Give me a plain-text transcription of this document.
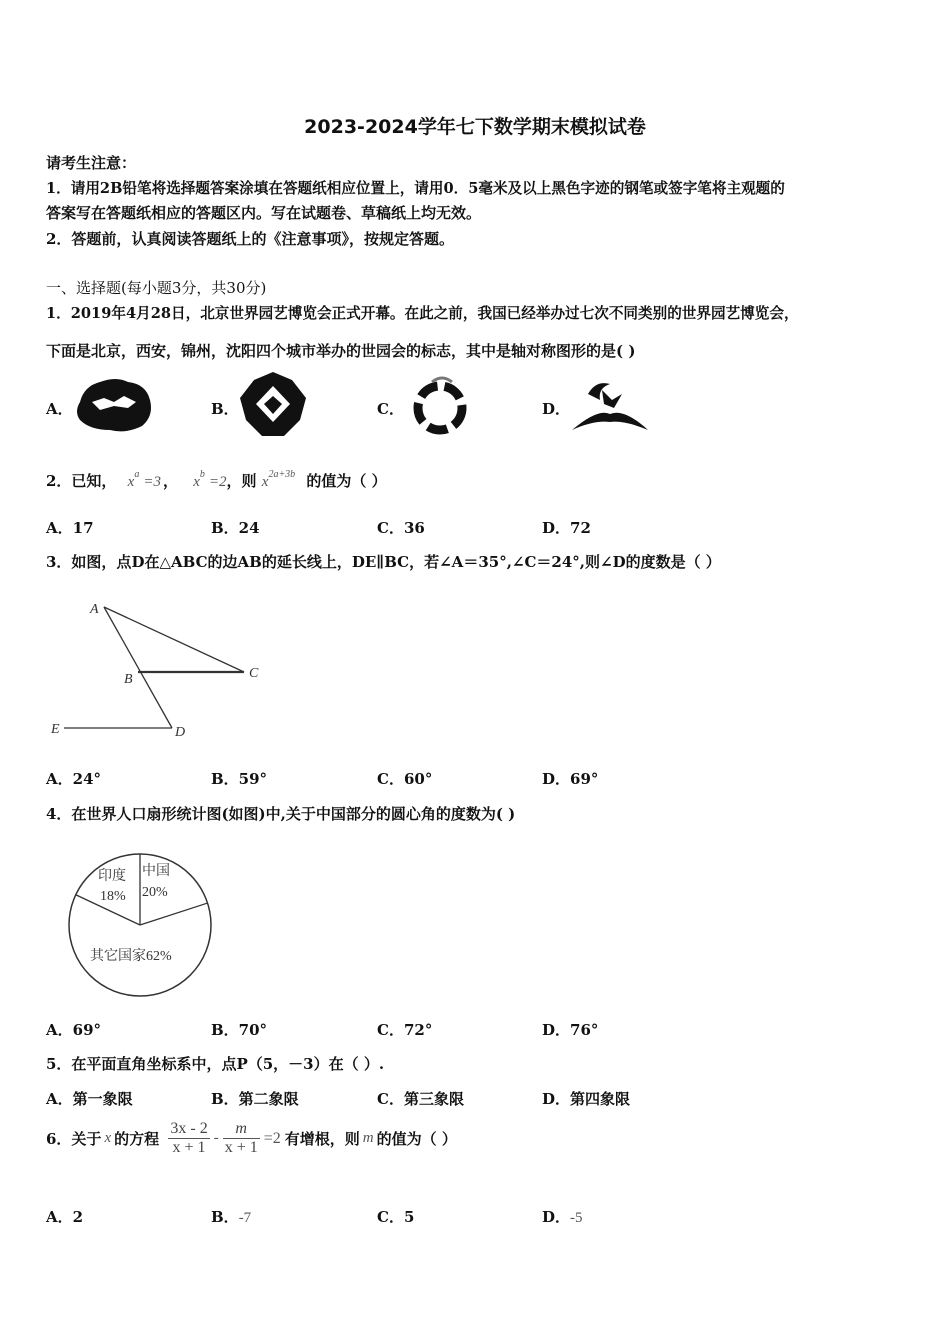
2023-2024学年七下数学期末模拟试卷
请考生注意：
1．请用2B铅笔将选择题答案涂填在答题纸相应位置上，请用0．5毫米及以上黑色字迹的钢笔或签字笔将主观题的
答案写在答题纸相应的答题区内。写在试题卷、草稿纸上均无效。
2．答题前，认真阅读答题纸上的《注意事项》，按规定答题。
一、选择题(每小题3分，共30分)
1．2019年4月28日，北京世界园艺博览会正式开幕。在此之前，我国已经举办过七次不同类别的世界园艺博览会，
下面是北京，西安，锦州，沈阳四个城市举办的世园会的标志，其中是轴对称图形的是( )
A．	B．	C．	D．
2．已知， $x^a =3$ ， $x^b =2$，则 $x^{2a+3b}$ 的值为（ ）
A．17	B．24	C．36	D．72
3．如图，点D在△ABC的边AB的延长线上，DE∥BC，若∠A＝35°,∠C＝24°,则∠D的度数是（ ）
A
B	C
E	D
A．24°	B．59°	C．60°	D．69°
4．在世界人口扇形统计图(如图)中,关于中国部分的圆心角的度数为( )
印度
18%
中国
20%
其它国家62%
A．69°	B．70°	C．72°	D．76°
5．在平面直角坐标系中，点P（5，－3）在（ ）.
A．第一象限	B．第二象限	C．第三象限	D．第四象限
6．关于 x 的方程 $\frac{3x - 2}{x + 1} - \frac{m}{x + 1} =2$ 有增根，则 m 的值为（ ）
A．2	B．-7	C．5	D．-5
